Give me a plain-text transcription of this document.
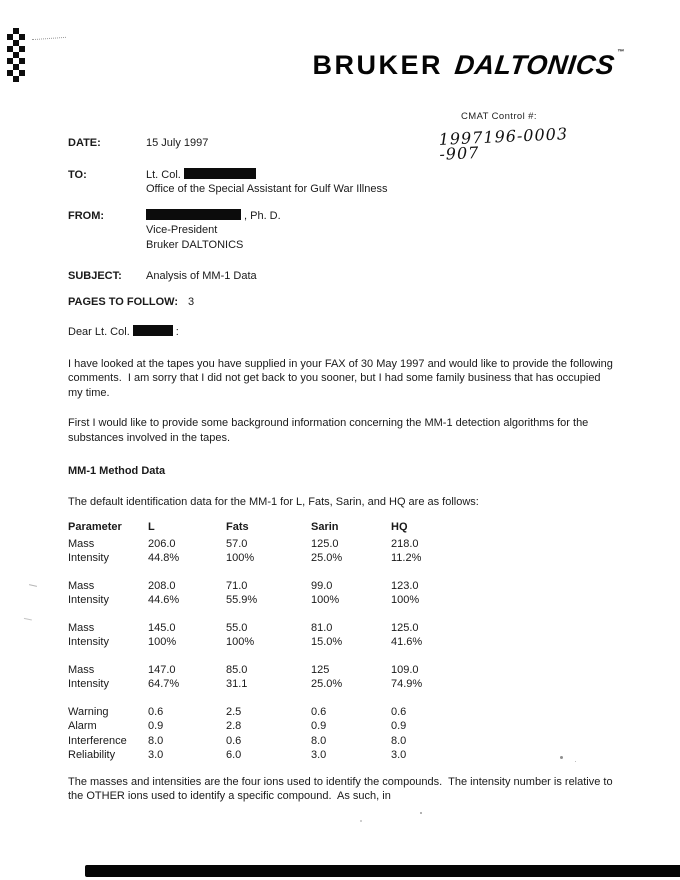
BRUKER DALTONICS™
CMAT Control #:
1997196-0003 -907
DATE:	15 July 1997
TO:	Lt. Col.
Office of the Special Assistant for Gulf War Illness
FROM:	, Ph. D.
Vice-President
Bruker DALTONICS
SUBJECT:	Analysis of MM-1 Data
PAGES TO FOLLOW: 3
Dear Lt. Col.	:

I have looked at the tapes you have supplied in your FAX of 30 May 1997 and would like to provide the following comments.  I am sorry that I did not get back to you sooner, but I had some family business that has occupied my time.

First I would like to provide some background information concerning the MM-1 detection algorithms for the substances involved in the tapes.

MM-1 Method Data

The default identification data for the MM-1 for L, Fats, Sarin, and HQ are as follows:

Parameter	L	Fats	Sarin	HQ
Mass	206.0	57.0	125.0	218.0
Intensity	44.8%	100%	25.0%	11.2%
Mass	208.0	71.0	99.0	123.0
Intensity	44.6%	55.9%	100%	100%
Mass	145.0	55.0	81.0	125.0
Intensity	100%	100%	15.0%	41.6%
Mass	147.0	85.0	125	109.0
Intensity	64.7%	31.1	25.0%	74.9%
Warning	0.6	2.5	0.6	0.6
Alarm	0.9	2.8	0.9	0.9
Interference	8.0	0.6	8.0	8.0
Reliability	3.0	6.0	3.0	3.0

The masses and intensities are the four ions used to identify the compounds.  The intensity number is relative to the OTHER ions used to identify a specific compound.  As such, in
